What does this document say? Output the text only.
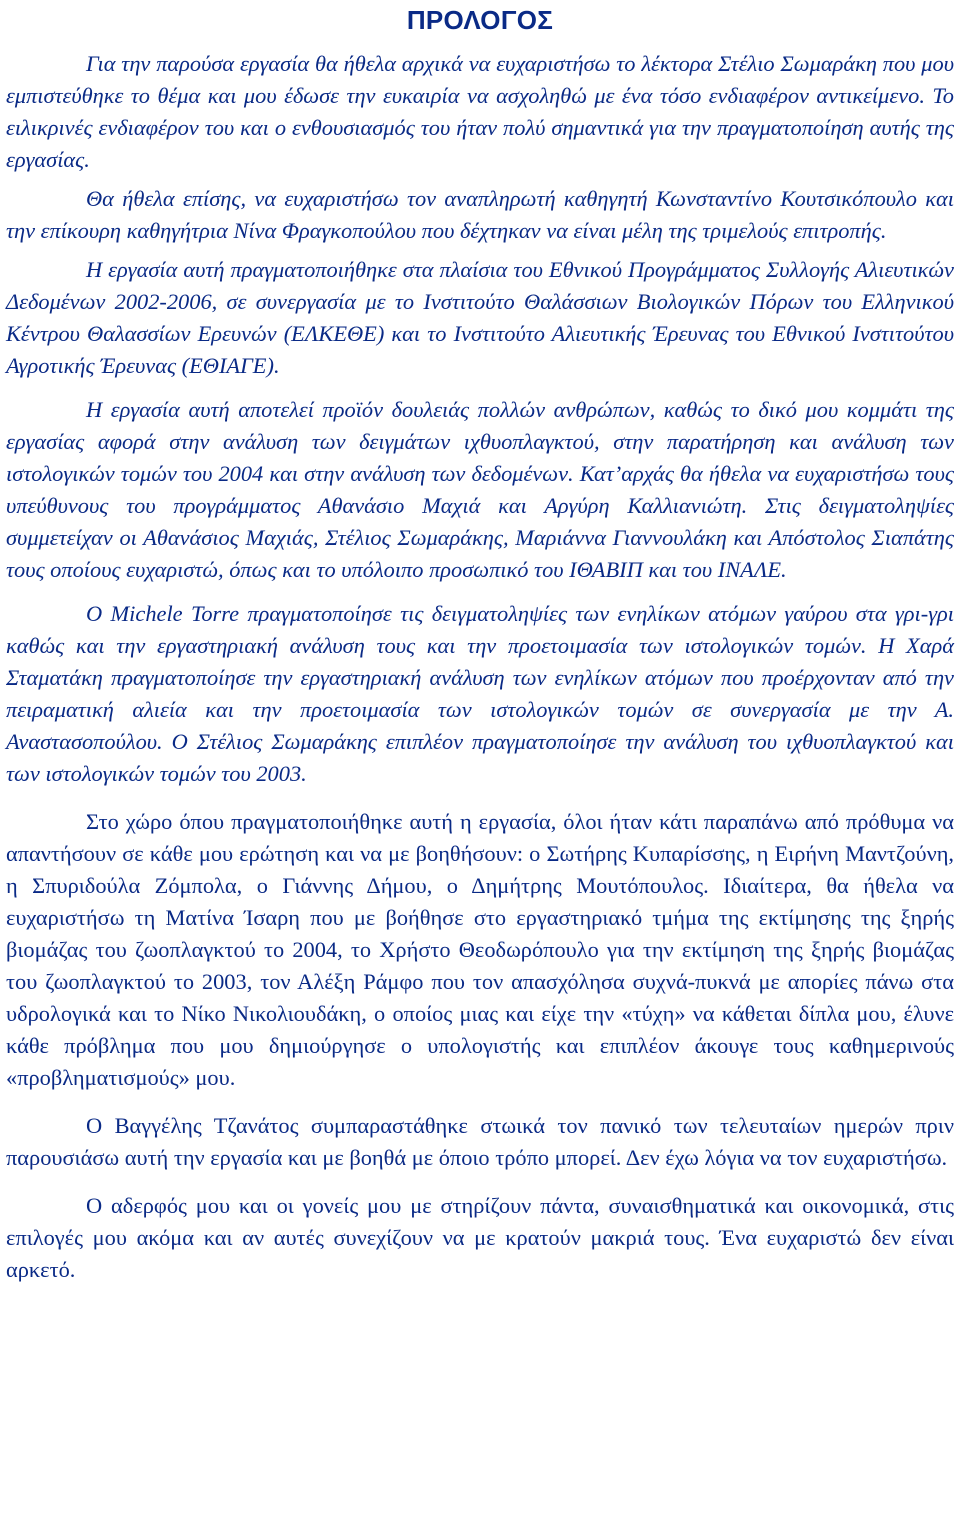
ΠΡΟΛΟΓΟΣ

Για την παρούσα εργασία θα ήθελα αρχικά να ευχαριστήσω το λέκτορα Στέλιο Σωμαράκη που μου εμπιστεύθηκε το θέμα και μου έδωσε την ευκαιρία να ασχοληθώ με ένα τόσο ενδιαφέρον αντικείμενο. Το ειλικρινές ενδιαφέρον του και ο ενθουσιασμός του ήταν πολύ σημαντικά για την πραγματοποίηση αυτής της εργασίας.

Θα ήθελα επίσης, να ευχαριστήσω τον αναπληρωτή καθηγητή Κωνσταντίνο Κουτσικόπουλο και την επίκουρη καθηγήτρια Νίνα Φραγκοπούλου που δέχτηκαν να είναι μέλη της τριμελούς επιτροπής.

Η εργασία αυτή πραγματοποιήθηκε στα πλαίσια του Εθνικού Προγράμματος Συλλογής Αλιευτικών Δεδομένων 2002-2006, σε συνεργασία με το Ινστιτούτο Θαλάσσιων Βιολογικών Πόρων του Ελληνικού Κέντρου Θαλασσίων Ερευνών (ΕΛΚΕΘΕ) και το Ινστιτούτο Αλιευτικής Έρευνας του Εθνικού Ινστιτούτου Αγροτικής Έρευνας (ΕΘΙΑΓΕ).

Η εργασία αυτή αποτελεί προϊόν δουλειάς πολλών ανθρώπων, καθώς το δικό μου κομμάτι της εργασίας αφορά στην ανάλυση των δειγμάτων ιχθυοπλαγκτού, στην παρατήρηση και ανάλυση των ιστολογικών τομών του 2004 και στην ανάλυση των δεδομένων. Κατ’αρχάς θα ήθελα να ευχαριστήσω τους υπεύθυνους του προγράμματος Αθανάσιο Μαχιά και Αργύρη Καλλιανιώτη. Στις δειγματοληψίες συμμετείχαν οι Αθανάσιος Μαχιάς, Στέλιος Σωμαράκης, Μαριάννα Γιαννουλάκη και Απόστολος Σιαπάτης τους οποίους ευχαριστώ, όπως και το υπόλοιπο προσωπικό του ΙΘΑΒΙΠ και του ΙΝΑΛΕ.

Ο Michele Torre πραγματοποίησε τις δειγματοληψίες των ενηλίκων ατόμων γαύρου στα γρι-γρι καθώς και την εργαστηριακή ανάλυση τους και την προετοιμασία των ιστολογικών τομών. Η Χαρά Σταματάκη πραγματοποίησε την εργαστηριακή ανάλυση των ενηλίκων ατόμων που προέρχονταν από την πειραματική αλιεία και την προετοιμασία των ιστολογικών τομών σε συνεργασία με την Α. Αναστασοπούλου. Ο Στέλιος Σωμαράκης επιπλέον πραγματοποίησε την ανάλυση του ιχθυοπλαγκτού και των ιστολογικών τομών του 2003.

Στο χώρο όπου πραγματοποιήθηκε αυτή η εργασία, όλοι ήταν κάτι παραπάνω από πρόθυμα να απαντήσουν σε κάθε μου ερώτηση και να με βοηθήσουν: ο Σωτήρης Κυπαρίσσης, η Ειρήνη Μαντζούνη, η Σπυριδούλα Ζόμπολα, ο Γιάννης Δήμου, ο Δημήτρης Μουτόπουλος. Ιδιαίτερα, θα ήθελα να ευχαριστήσω τη Ματίνα Ίσαρη που με βοήθησε στο εργαστηριακό τμήμα της εκτίμησης της ξηρής βιομάζας του ζωοπλαγκτού το 2004, το Χρήστο Θεοδωρόπουλο για την εκτίμηση της ξηρής βιομάζας του ζωοπλαγκτού το 2003, τον Αλέξη Ράμφο που τον απασχόλησα συχνά-πυκνά με απορίες πάνω στα υδρολογικά και το Νίκο Νικολιουδάκη, ο οποίος μιας και είχε την «τύχη» να κάθεται δίπλα μου, έλυνε κάθε πρόβλημα που μου δημιούργησε ο υπολογιστής και επιπλέον άκουγε τους καθημερινούς «προβληματισμούς» μου.

Ο Βαγγέλης Τζανάτος συμπαραστάθηκε στωικά τον πανικό των τελευταίων ημερών πριν παρουσιάσω αυτή την εργασία και με βοηθά με όποιο τρόπο μπορεί. Δεν έχω λόγια να τον ευχαριστήσω.

Ο αδερφός μου και οι γονείς μου με στηρίζουν πάντα, συναισθηματικά και οικονομικά, στις επιλογές μου ακόμα και αν αυτές συνεχίζουν να με κρατούν μακριά τους. Ένα ευχαριστώ δεν είναι αρκετό.
